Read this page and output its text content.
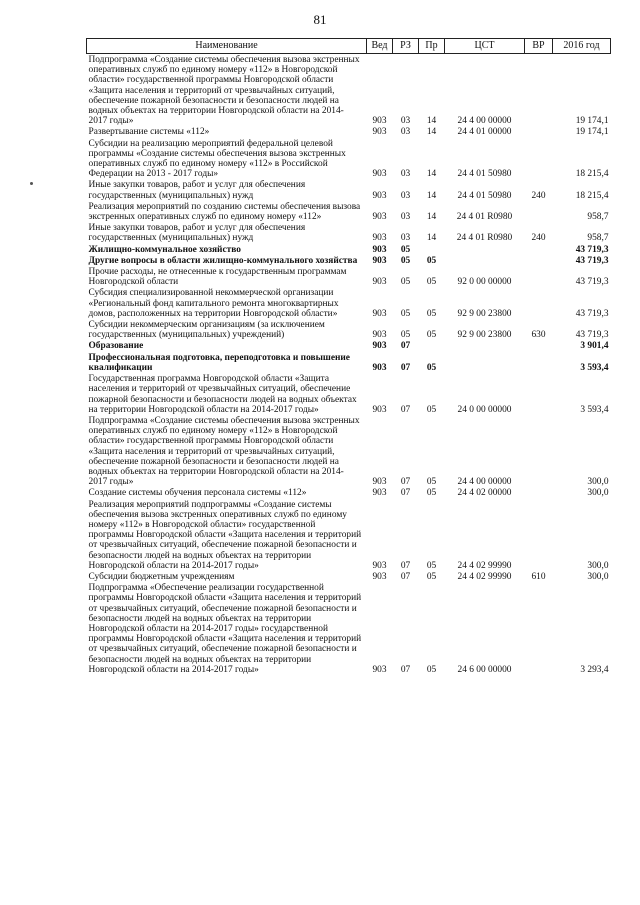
81
Наименование	Вед	РЗ	Пр	ЦСТ	ВР	2016 год
Подпрограмма «Создание системы обеспечения вызова экстренных оперативных служб по единому номеру «112» в Новгородской области» государственной программы Новгородской области «Защита населения и территорий от чрезвычайных ситуаций, обеспечение пожарной безопасности и безопасности людей на водных объектах на территории Новгородской области на 2014-2017 годы»	903	03	14	24 4 00 00000		19 174,1
Развертывание системы «112»	903	03	14	24 4 01 00000		19 174,1
Субсидии на реализацию мероприятий федеральной целевой программы «Создание системы обеспечения вызова экстренных оперативных служб по единому номеру «112» в Российской Федерации на 2013 - 2017 годы»	903	03	14	24 4 01 50980		18 215,4
Иные закупки товаров, работ и услуг для обеспечения государственных (муниципальных) нужд	903	03	14	24 4 01 50980	240	18 215,4
Реализация мероприятий по созданию системы обеспечения вызова экстренных оперативных служб по единому номеру «112»	903	03	14	24 4 01 R0980		958,7
Иные закупки товаров, работ и услуг для обеспечения государственных (муниципальных) нужд	903	03	14	24 4 01 R0980	240	958,7
Жилищно-коммунальное хозяйство	903	05				43 719,3
Другие вопросы в области жилищно-коммунального хозяйства	903	05	05			43 719,3
Прочие расходы, не отнесенные к государственным программам Новгородской области	903	05	05	92 0 00 00000		43 719,3
Субсидия специализированной некоммерческой организации «Региональный фонд капитального ремонта многоквартирных домов, расположенных на территории Новгородской области»	903	05	05	92 9 00 23800		43 719,3
Субсидии некоммерческим организациям (за исключением государственных (муниципальных) учреждений)	903	05	05	92 9 00 23800	630	43 719,3
Образование	903	07				3 901,4
Профессиональная подготовка, переподготовка и повышение квалификации	903	07	05			3 593,4
Государственная программа Новгородской области «Защита населения и территорий от чрезвычайных ситуаций, обеспечение пожарной безопасности и безопасности людей на водных объектах на территории Новгородской области на 2014-2017 годы»	903	07	05	24 0 00 00000		3 593,4
Подпрограмма «Создание системы обеспечения вызова экстренных оперативных служб по единому номеру «112» в Новгородской области» государственной программы Новгородской области «Защита населения и территорий от чрезвычайных ситуаций, обеспечение пожарной безопасности и безопасности людей на водных объектах на территории Новгородской области на 2014-2017 годы»	903	07	05	24 4 00 00000		300,0
Создание системы обучения персонала системы «112»	903	07	05	24 4 02 00000		300,0
Реализация мероприятий подпрограммы «Создание системы обеспечения вызова экстренных оперативных служб по единому номеру «112» в Новгородской области» государственной программы Новгородской области «Защита населения и территорий от чрезвычайных ситуаций, обеспечение пожарной безопасности и безопасности людей на водных объектах на территории Новгородской области на 2014-2017 годы»	903	07	05	24 4 02 99990		300,0
Субсидии бюджетным учреждениям	903	07	05	24 4 02 99990	610	300,0
Подпрограмма «Обеспечение реализации государственной программы Новгородской области «Защита населения и территорий от чрезвычайных ситуаций, обеспечение пожарной безопасности и безопасности людей на водных объектах на территории Новгородской области на 2014-2017 годы» государственной программы Новгородской области «Защита населения и территорий от чрезвычайных ситуаций, обеспечение пожарной безопасности и безопасности людей на водных объектах на территории Новгородской области на 2014-2017 годы»	903	07	05	24 6 00 00000		3 293,4
